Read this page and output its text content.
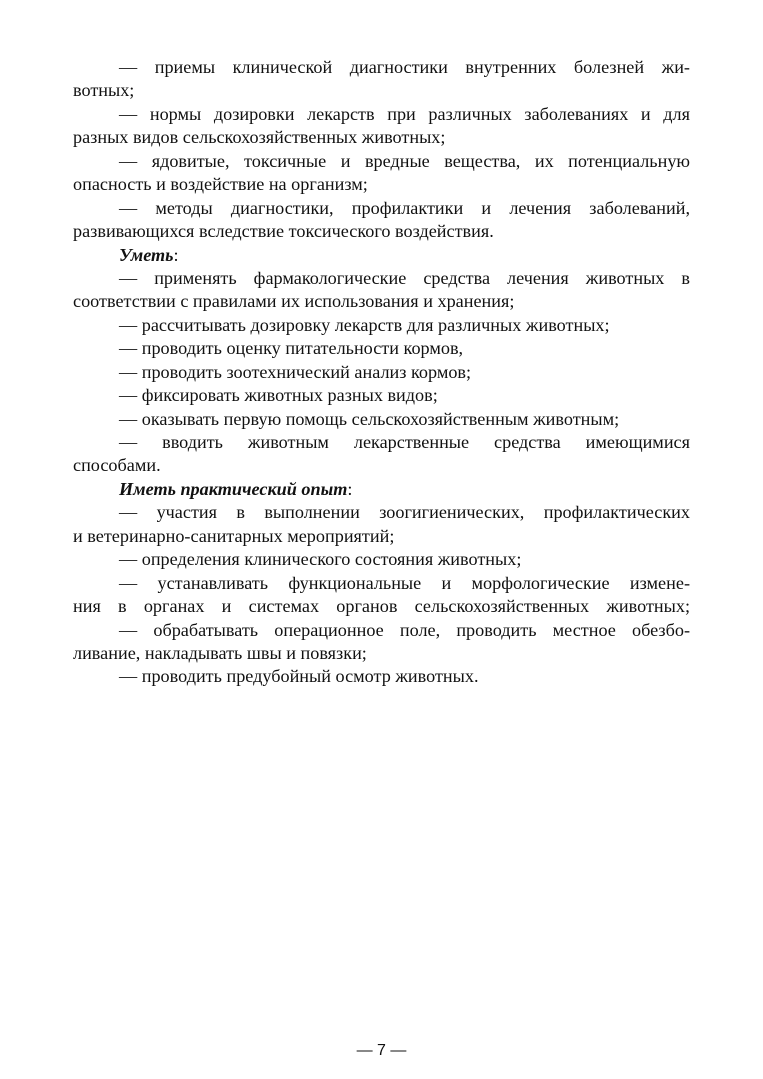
— приемы клинической диагностики внутренних болезней жи-
вотных;
— нормы дозировки лекарств при различных заболеваниях и для
разных видов сельскохозяйственных животных;
— ядовитые, токсичные и вредные вещества, их потенциальную
опасность и воздействие на организм;
— методы диагностики, профилактики и лечения заболеваний,
развивающихся вследствие токсического воздействия.
Уметь:
— применять фармакологические средства лечения животных в
соответствии с правилами их использования и хранения;
— рассчитывать дозировку лекарств для различных животных;
— проводить оценку питательности кормов,
— проводить зоотехнический анализ кормов;
— фиксировать животных разных видов;
— оказывать первую помощь сельскохозяйственным животным;
— вводить животным лекарственные средства имеющимися
способами.
Иметь практический опыт:
— участия в выполнении зоогигиенических, профилактических
и ветеринарно-санитарных мероприятий;
— определения клинического состояния животных;
— устанавливать функциональные и морфологические измене-
ния в органах и системах органов сельскохозяйственных животных;
— обрабатывать операционное поле, проводить местное обезбо-
ливание, накладывать швы и повязки;
— проводить предубойный осмотр животных.
— 7 —
